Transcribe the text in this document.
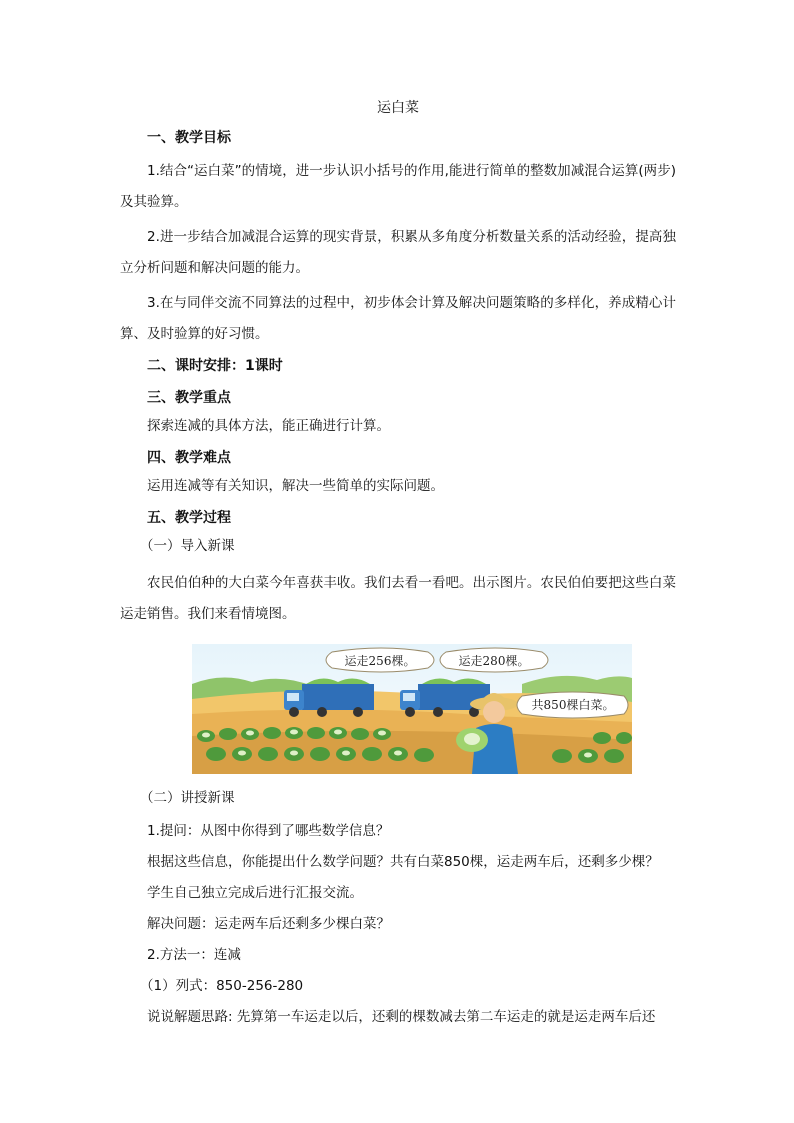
运白菜
一、教学目标

1.结合“运白菜”的情境，进一步认识小括号的作用,能进行简单的整数加减混合运算(两步)及其验算。

2.进一步结合加减混合运算的现实背景，积累从多角度分析数量关系的活动经验，提高独立分析问题和解决问题的能力。

3.在与同伴交流不同算法的过程中，初步体会计算及解决问题策略的多样化，养成精心计算、及时验算的好习惯。

二、课时安排：1课时
三、教学重点
探索连减的具体方法，能正确进行计算。
四、教学难点
运用连减等有关知识，解决一些简单的实际问题。
五、教学过程
（一）导入新课

农民伯伯种的大白菜今年喜获丰收。我们去看一看吧。出示图片。农民伯伯要把这些白菜运走销售。我们来看情境图。

运走256棵。	运走280棵。
共850棵白菜。
（二）讲授新课

1.提问：从图中你得到了哪些数学信息？

根据这些信息，你能提出什么数学问题？共有白菜850棵，运走两车后，还剩多少棵？

学生自己独立完成后进行汇报交流。

解决问题：运走两车后还剩多少棵白菜？

2.方法一：连减

（1）列式：850-256-280

说说解题思路: 先算第一车运走以后，还剩的棵数减去第二车运走的就是运走两车后还
